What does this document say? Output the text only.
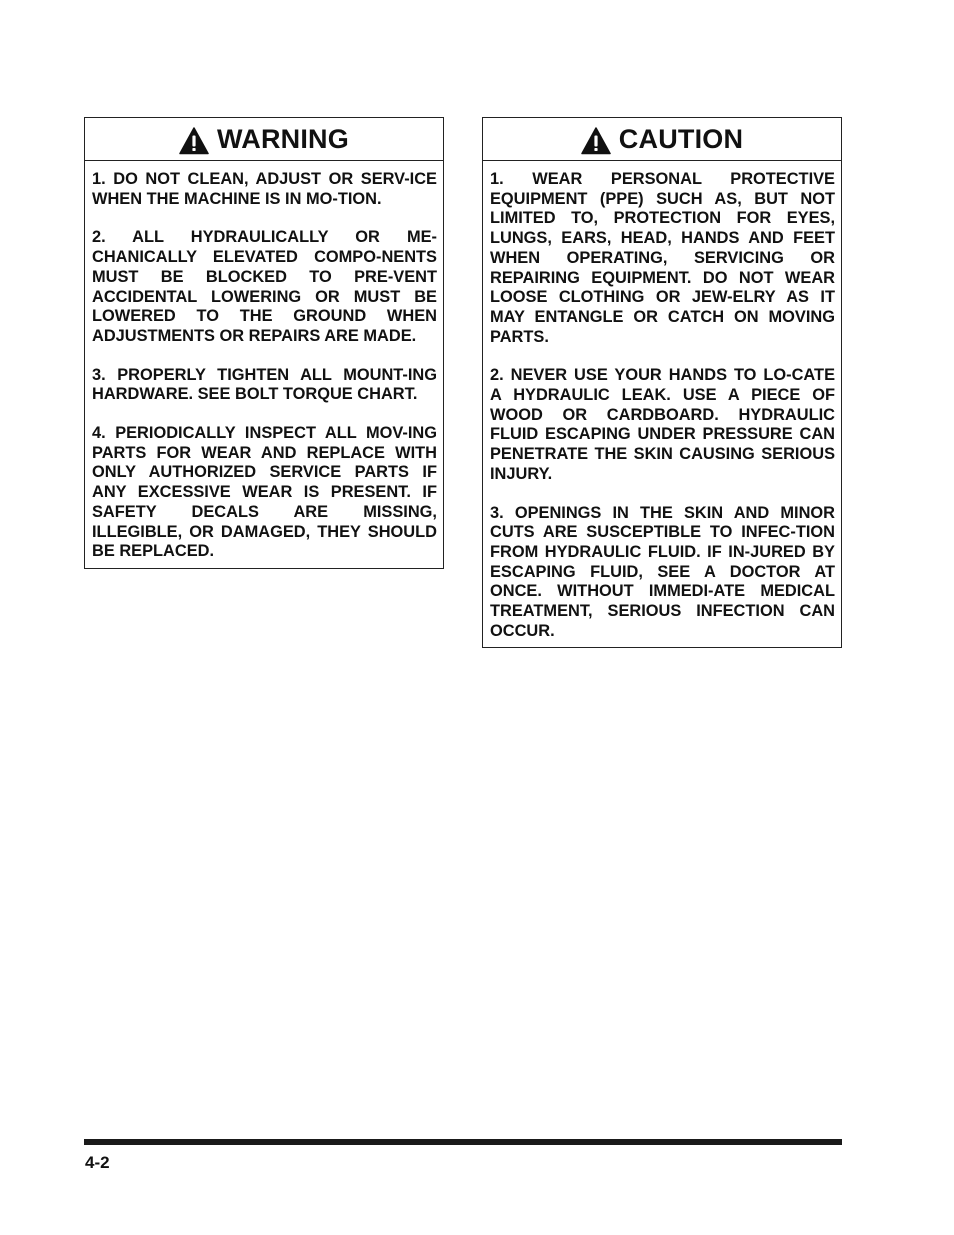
WARNING

1. DO NOT CLEAN, ADJUST OR SERV-ICE WHEN THE MACHINE IS IN MO-TION.

2. ALL HYDRAULICALLY OR ME-CHANICALLY ELEVATED COMPO-NENTS MUST BE BLOCKED TO PRE-VENT ACCIDENTAL LOWERING OR MUST BE LOWERED TO THE GROUND WHEN ADJUSTMENTS OR REPAIRS ARE MADE.

3. PROPERLY TIGHTEN ALL MOUNT-ING HARDWARE. SEE BOLT TORQUE CHART.

4. PERIODICALLY INSPECT ALL MOV-ING PARTS FOR WEAR AND REPLACE WITH ONLY AUTHORIZED SERVICE PARTS IF ANY EXCESSIVE WEAR IS PRESENT. IF SAFETY DECALS ARE MISSING, ILLEGIBLE, OR DAMAGED, THEY SHOULD BE REPLACED.

CAUTION

1. WEAR PERSONAL PROTECTIVE EQUIPMENT (PPE) SUCH AS, BUT NOT LIMITED TO, PROTECTION FOR EYES, LUNGS, EARS, HEAD, HANDS AND FEET WHEN OPERATING, SERVICING OR REPAIRING EQUIPMENT. DO NOT WEAR LOOSE CLOTHING OR JEW-ELRY AS IT MAY ENTANGLE OR CATCH ON MOVING PARTS.

2. NEVER USE YOUR HANDS TO LO-CATE A HYDRAULIC LEAK. USE A PIECE OF WOOD OR CARDBOARD. HYDRAULIC FLUID ESCAPING UNDER PRESSURE CAN PENETRATE THE SKIN CAUSING SERIOUS INJURY.

3. OPENINGS IN THE SKIN AND MINOR CUTS ARE SUSCEPTIBLE TO INFEC-TION FROM HYDRAULIC FLUID. IF IN-JURED BY ESCAPING FLUID, SEE A DOCTOR AT ONCE. WITHOUT IMMEDI-ATE MEDICAL TREATMENT, SERIOUS INFECTION CAN OCCUR.

4-2
